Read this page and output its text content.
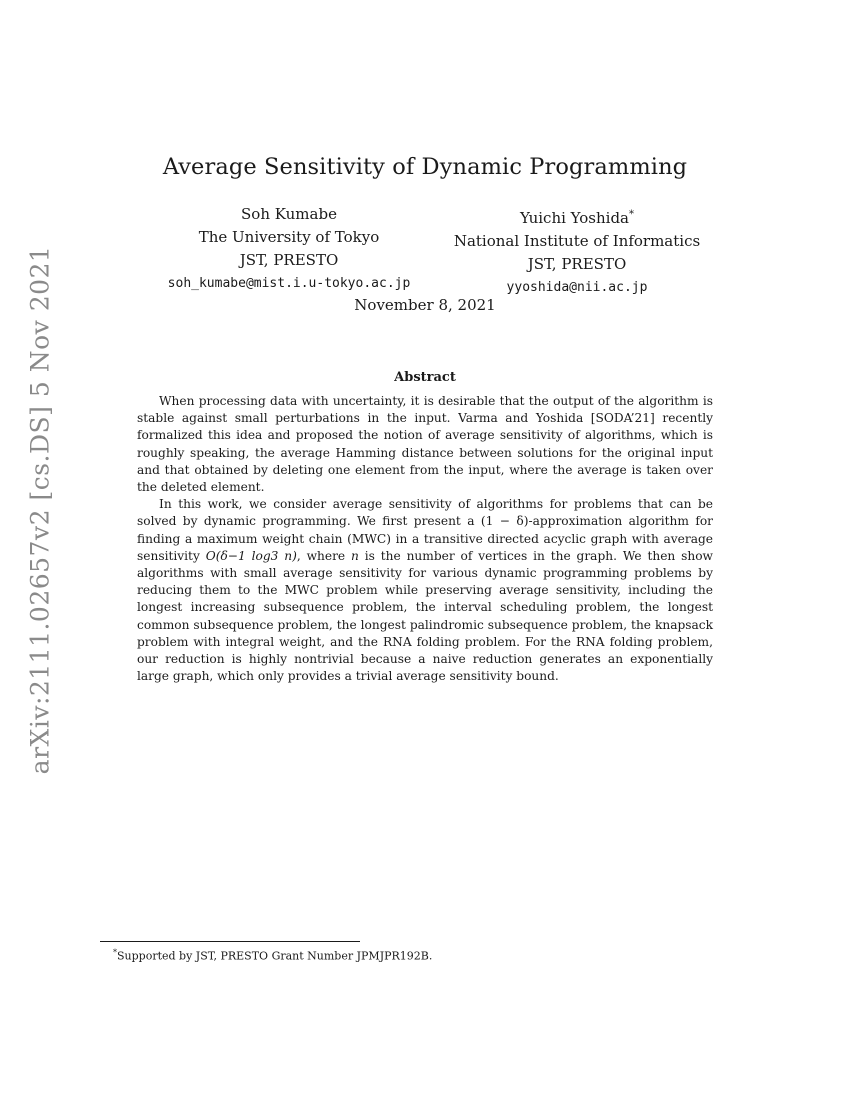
arXiv:2111.02657v2 [cs.DS] 5 Nov 2021
Average Sensitivity of Dynamic Programming
Soh Kumabe
The University of Tokyo
JST, PRESTO
soh_kumabe@mist.i.u-tokyo.ac.jp
Yuichi Yoshida*
National Institute of Informatics
JST, PRESTO
yyoshida@nii.ac.jp
November 8, 2021
Abstract

When processing data with uncertainty, it is desirable that the output of the algorithm is stable against small perturbations in the input. Varma and Yoshida [SODA’21] recently formalized this idea and proposed the notion of average sensitivity of algorithms, which is roughly speaking, the average Hamming distance between solutions for the original input and that obtained by deleting one element from the input, where the average is taken over the deleted element.

In this work, we consider average sensitivity of algorithms for problems that can be solved by dynamic programming. We first present a (1 − δ)-approximation algorithm for finding a maximum weight chain (MWC) in a transitive directed acyclic graph with average sensitivity O(δ−1 log3 n), where n is the number of vertices in the graph. We then show algorithms with small average sensitivity for various dynamic programming problems by reducing them to the MWC problem while preserving average sensitivity, including the longest increasing subsequence problem, the interval scheduling problem, the longest common subsequence problem, the longest palindromic subsequence problem, the knapsack problem with integral weight, and the RNA folding problem. For the RNA folding problem, our reduction is highly nontrivial because a naive reduction generates an exponentially large graph, which only provides a trivial average sensitivity bound.

*Supported by JST, PRESTO Grant Number JPMJPR192B.
